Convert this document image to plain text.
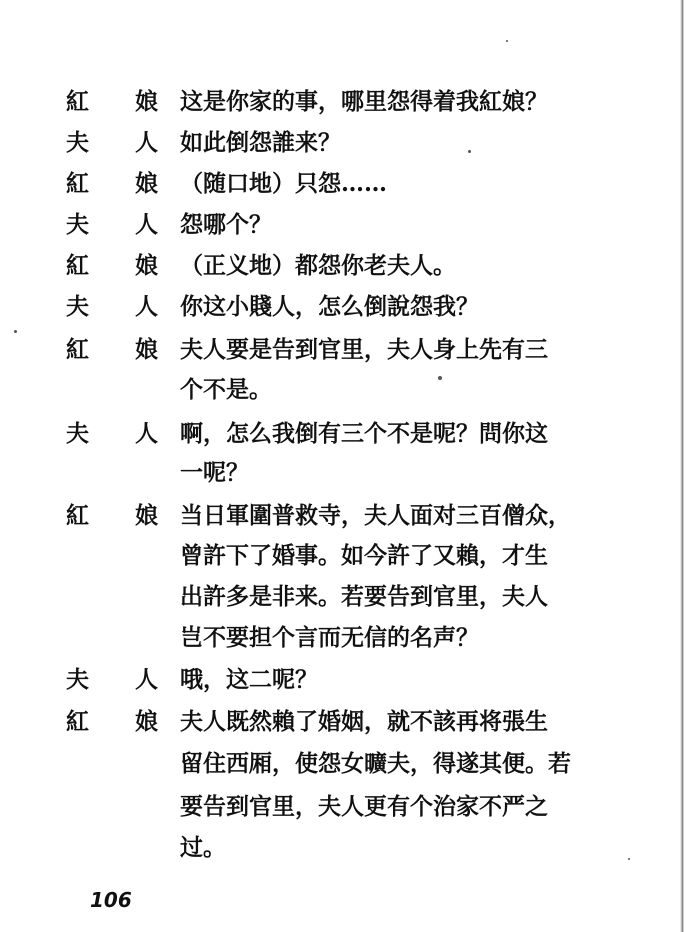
紅 娘 这是你家的事，哪里怨得着我紅娘？
夫 人 如此倒怨誰来？
紅 娘 （随口地）只怨……
夫 人 怨哪个？
紅 娘 （正义地）都怨你老夫人。
夫 人 你这小賤人，怎么倒說怨我？
紅 娘 夫人要是告到官里，夫人身上先有三
个不是。
夫 人 啊，怎么我倒有三个不是呢？問你这
一呢？
紅 娘 当日軍圍普救寺，夫人面对三百僧众，
曾許下了婚事。如今許了又賴，才生
出許多是非来。若要告到官里，夫人
岂不要担个言而无信的名声？
夫 人 哦，这二呢？
紅 娘 夫人既然賴了婚姻，就不該再将張生
留住西厢，使怨女曠夫，得遂其便。若
要告到官里，夫人更有个治家不严之
过。
106
